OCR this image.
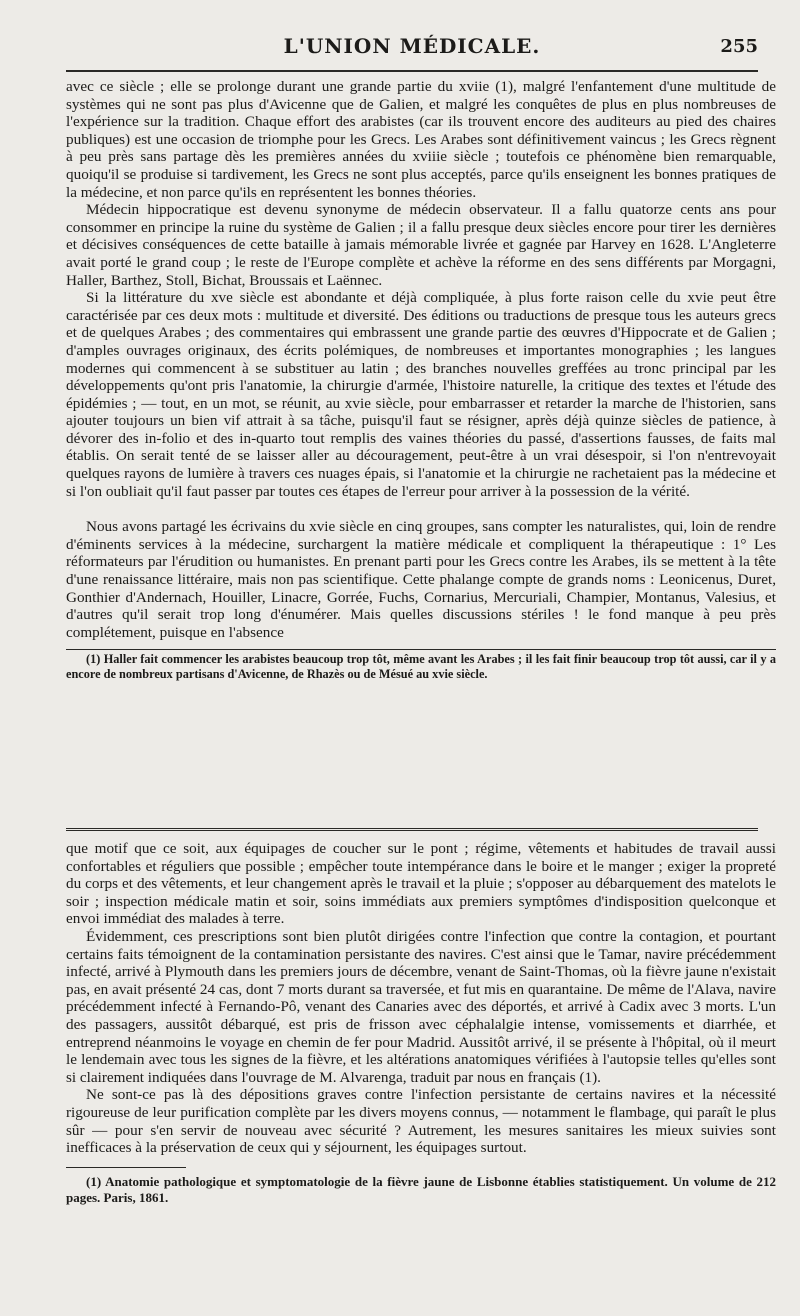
L'UNION MÉDICALE.	255

avec ce siècle ; elle se prolonge durant une grande partie du xviie (1), malgré l'enfantement d'une multitude de systèmes qui ne sont pas plus d'Avicenne que de Galien, et malgré les conquêtes de plus en plus nombreuses de l'expérience sur la tradition. Chaque effort des arabistes (car ils trouvent encore des auditeurs au pied des chaires publiques) est une occasion de triomphe pour les Grecs. Les Arabes sont définitivement vaincus ; les Grecs règnent à peu près sans partage dès les premières années du xviiie siècle ; toutefois ce phénomène bien remarquable, quoiqu'il se produise si tardivement, les Grecs ne sont plus acceptés, parce qu'ils enseignent les bonnes pratiques de la médecine, et non parce qu'ils en représentent les bonnes théories.

Médecin hippocratique est devenu synonyme de médecin observateur. Il a fallu quatorze cents ans pour consommer en principe la ruine du système de Galien ; il a fallu presque deux siècles encore pour tirer les dernières et décisives conséquences de cette bataille à jamais mémorable livrée et gagnée par Harvey en 1628. L'Angleterre avait porté le grand coup ; le reste de l'Europe complète et achève la réforme en des sens différents par Morgagni, Haller, Barthez, Stoll, Bichat, Broussais et Laënnec.

Si la littérature du xve siècle est abondante et déjà compliquée, à plus forte raison celle du xvie peut être caractérisée par ces deux mots : multitude et diversité. Des éditions ou traductions de presque tous les auteurs grecs et de quelques Arabes ; des commentaires qui embrassent une grande partie des œuvres d'Hippocrate et de Galien ; d'amples ouvrages originaux, des écrits polémiques, de nombreuses et importantes monographies ; les langues modernes qui commencent à se substituer au latin ; des branches nouvelles greffées au tronc principal par les développements qu'ont pris l'anatomie, la chirurgie d'armée, l'histoire naturelle, la critique des textes et l'étude des épidémies ; — tout, en un mot, se réunit, au xvie siècle, pour embarrasser et retarder la marche de l'historien, sans ajouter toujours un bien vif attrait à sa tâche, puisqu'il faut se résigner, après déjà quinze siècles de patience, à dévorer des in-folio et des in-quarto tout remplis des vaines théories du passé, d'assertions fausses, de faits mal établis. On serait tenté de se laisser aller au découragement, peut-être à un vrai désespoir, si l'on n'entrevoyait quelques rayons de lumière à travers ces nuages épais, si l'anatomie et la chirurgie ne rachetaient pas la médecine et si l'on oubliait qu'il faut passer par toutes ces étapes de l'erreur pour arriver à la possession de la vérité.

Nous avons partagé les écrivains du xvie siècle en cinq groupes, sans compter les naturalistes, qui, loin de rendre d'éminents services à la médecine, surchargent la matière médicale et compliquent la thérapeutique : 1° Les réformateurs par l'érudition ou humanistes. En prenant parti pour les Grecs contre les Arabes, ils se mettent à la tête d'une renaissance littéraire, mais non pas scientifique. Cette phalange compte de grands noms : Leonicenus, Duret, Gonthier d'Andernach, Houiller, Linacre, Gorrée, Fuchs, Cornarius, Mercuriali, Champier, Montanus, Valesius, et d'autres qu'il serait trop long d'énumérer. Mais quelles discussions stériles ! le fond manque à peu près complétement, puisque en l'absence

(1) Haller fait commencer les arabistes beaucoup trop tôt, même avant les Arabes ; il les fait finir beaucoup trop tôt aussi, car il y a encore de nombreux partisans d'Avicenne, de Rhazès ou de Mésué au xvie siècle.

que motif que ce soit, aux équipages de coucher sur le pont ; régime, vêtements et habitudes de travail aussi confortables et réguliers que possible ; empêcher toute intempérance dans le boire et le manger ; exiger la propreté du corps et des vêtements, et leur changement après le travail et la pluie ; s'opposer au débarquement des matelots le soir ; inspection médicale matin et soir, soins immédiats aux premiers symptômes d'indisposition quelconque et envoi immédiat des malades à terre.

Évidemment, ces prescriptions sont bien plutôt dirigées contre l'infection que contre la contagion, et pourtant certains faits témoignent de la contamination persistante des navires. C'est ainsi que le Tamar, navire précédemment infecté, arrivé à Plymouth dans les premiers jours de décembre, venant de Saint-Thomas, où la fièvre jaune n'existait pas, en avait présenté 24 cas, dont 7 morts durant sa traversée, et fut mis en quarantaine. De même de l'Alava, navire précédemment infecté à Fernando-Pô, venant des Canaries avec des déportés, et arrivé à Cadix avec 3 morts. L'un des passagers, aussitôt débarqué, est pris de frisson avec céphalalgie intense, vomissements et diarrhée, et entreprend néanmoins le voyage en chemin de fer pour Madrid. Aussitôt arrivé, il se présente à l'hôpital, où il meurt le lendemain avec tous les signes de la fièvre, et les altérations anatomiques vérifiées à l'autopsie telles qu'elles sont si clairement indiquées dans l'ouvrage de M. Alvarenga, traduit par nous en français (1).

Ne sont-ce pas là des dépositions graves contre l'infection persistante de certains navires et la nécessité rigoureuse de leur purification complète par les divers moyens connus, — notamment le flambage, qui paraît le plus sûr — pour s'en servir de nouveau avec sécurité ? Autrement, les mesures sanitaires les mieux suivies sont inefficaces à la préservation de ceux qui y séjournent, les équipages surtout.

(1) Anatomie pathologique et symptomatologie de la fièvre jaune de Lisbonne établies statistiquement. Un volume de 212 pages. Paris, 1861.
